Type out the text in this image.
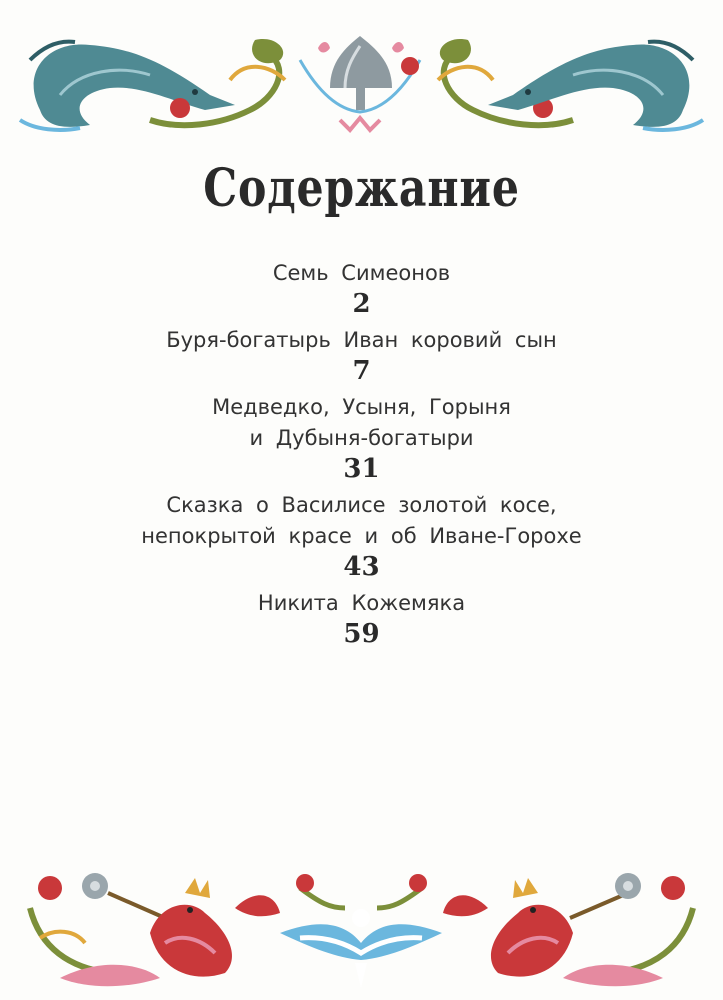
Содержание
Семь Симеонов
2
Буря-богатырь Иван коровий сын
7
Медведко, Усыня, Горыня
и Дубыня-богатыри
31
Сказка о Василисе золотой косе,
непокрытой красе и об Иване-Горохе
43
Никита Кожемяка
59
